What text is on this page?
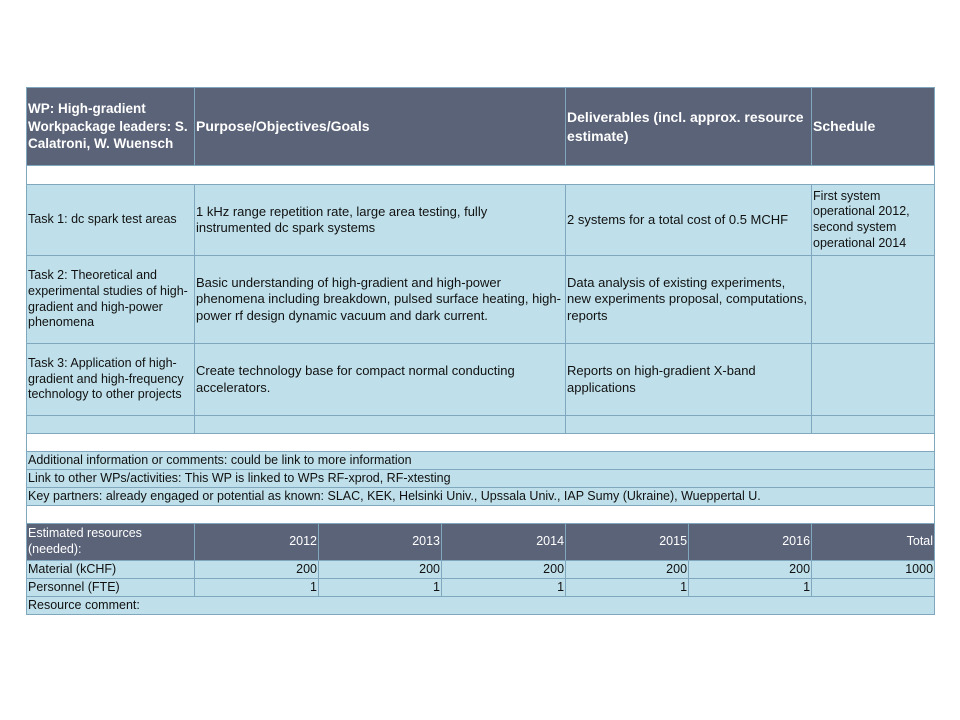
WP: High-gradient Workpackage leaders: S. Calatroni, W. Wuensch	Purpose/Objectives/Goals			Deliverables (incl. approx. resource estimate)		Schedule

Task 1: dc spark test areas	1 kHz range repetition rate, large area testing, fully instrumented dc spark systems			2 systems for a total cost of 0.5 MCHF		First system operational 2012, second system operational 2014
Task 2: Theoretical and experimental studies of high-gradient and high-power phenomena	Basic understanding of high-gradient and high-power phenomena including breakdown, pulsed surface heating, high-power rf design dynamic vacuum and dark current.			Data analysis of existing experiments, new experiments proposal, computations, reports		
Task 3: Application of high-gradient and high-frequency technology to other projects	Create technology base for compact normal conducting accelerators.			Reports on high-gradient X-band applications		

Additional information or comments: could be link to more information						
Link to other WPs/activities: This WP is linked to WPs RF-xprod, RF-xtesting						
Key partners: already engaged or potential as known: SLAC, KEK, Helsinki Univ., Upssala Univ., IAP Sumy (Ukraine), Wueppertal U.						

Estimated resources (needed):	2012	2013	2014	2015	2016	Total
Material (kCHF)	200	200	200	200	200	1000
Personnel (FTE)	1	1	1	1	1	
Resource comment:						
